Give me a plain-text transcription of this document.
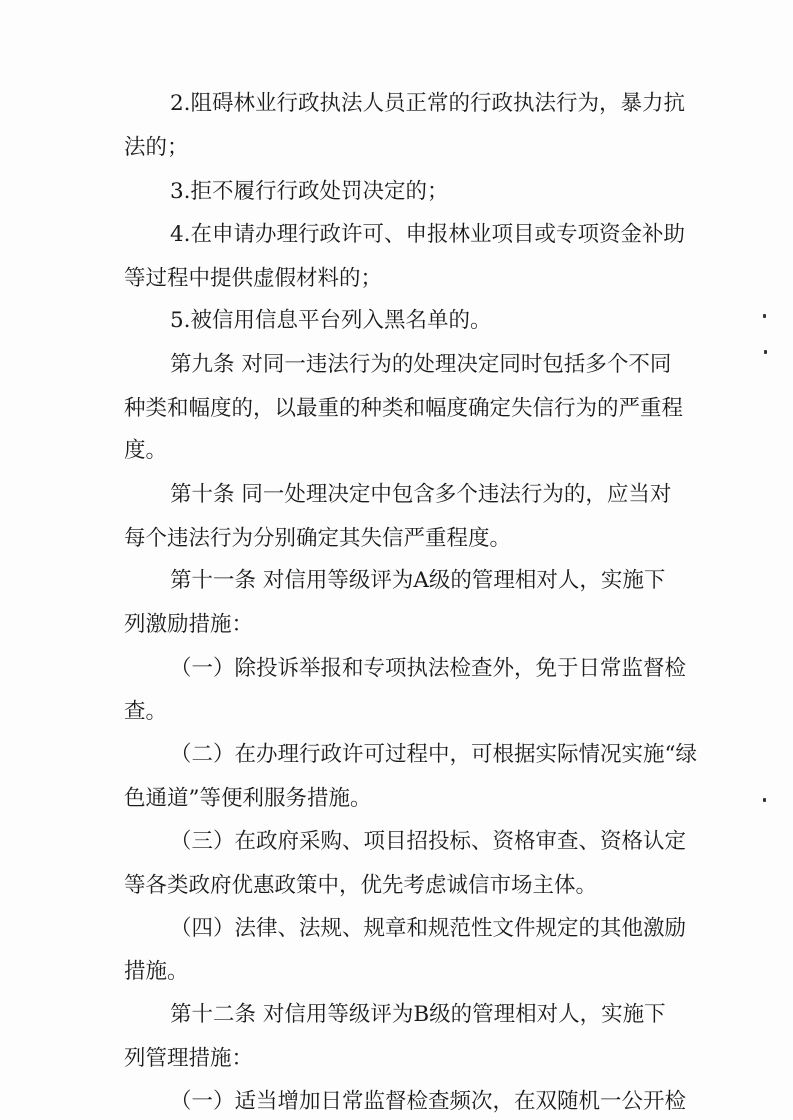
2.阻碍林业行政执法人员正常的行政执法行为，暴力抗
法的；
3.拒不履行行政处罚决定的；
4.在申请办理行政许可、申报林业项目或专项资金补助
等过程中提供虚假材料的；
5.被信用信息平台列入黑名单的。
第九条 对同一违法行为的处理决定同时包括多个不同
种类和幅度的，以最重的种类和幅度确定失信行为的严重程
度。
第十条 同一处理决定中包含多个违法行为的，应当对
每个违法行为分别确定其失信严重程度。
第十一条 对信用等级评为A级的管理相对人，实施下
列激励措施：
（一）除投诉举报和专项执法检查外，免于日常监督检
查。
（二）在办理行政许可过程中，可根据实际情况实施“绿
色通道”等便利服务措施。
（三）在政府采购、项目招投标、资格审查、资格认定
等各类政府优惠政策中，优先考虑诚信市场主体。
（四）法律、法规、规章和规范性文件规定的其他激励
措施。
第十二条 对信用等级评为B级的管理相对人，实施下
列管理措施：
（一）适当增加日常监督检查频次，在双随机一公开检
